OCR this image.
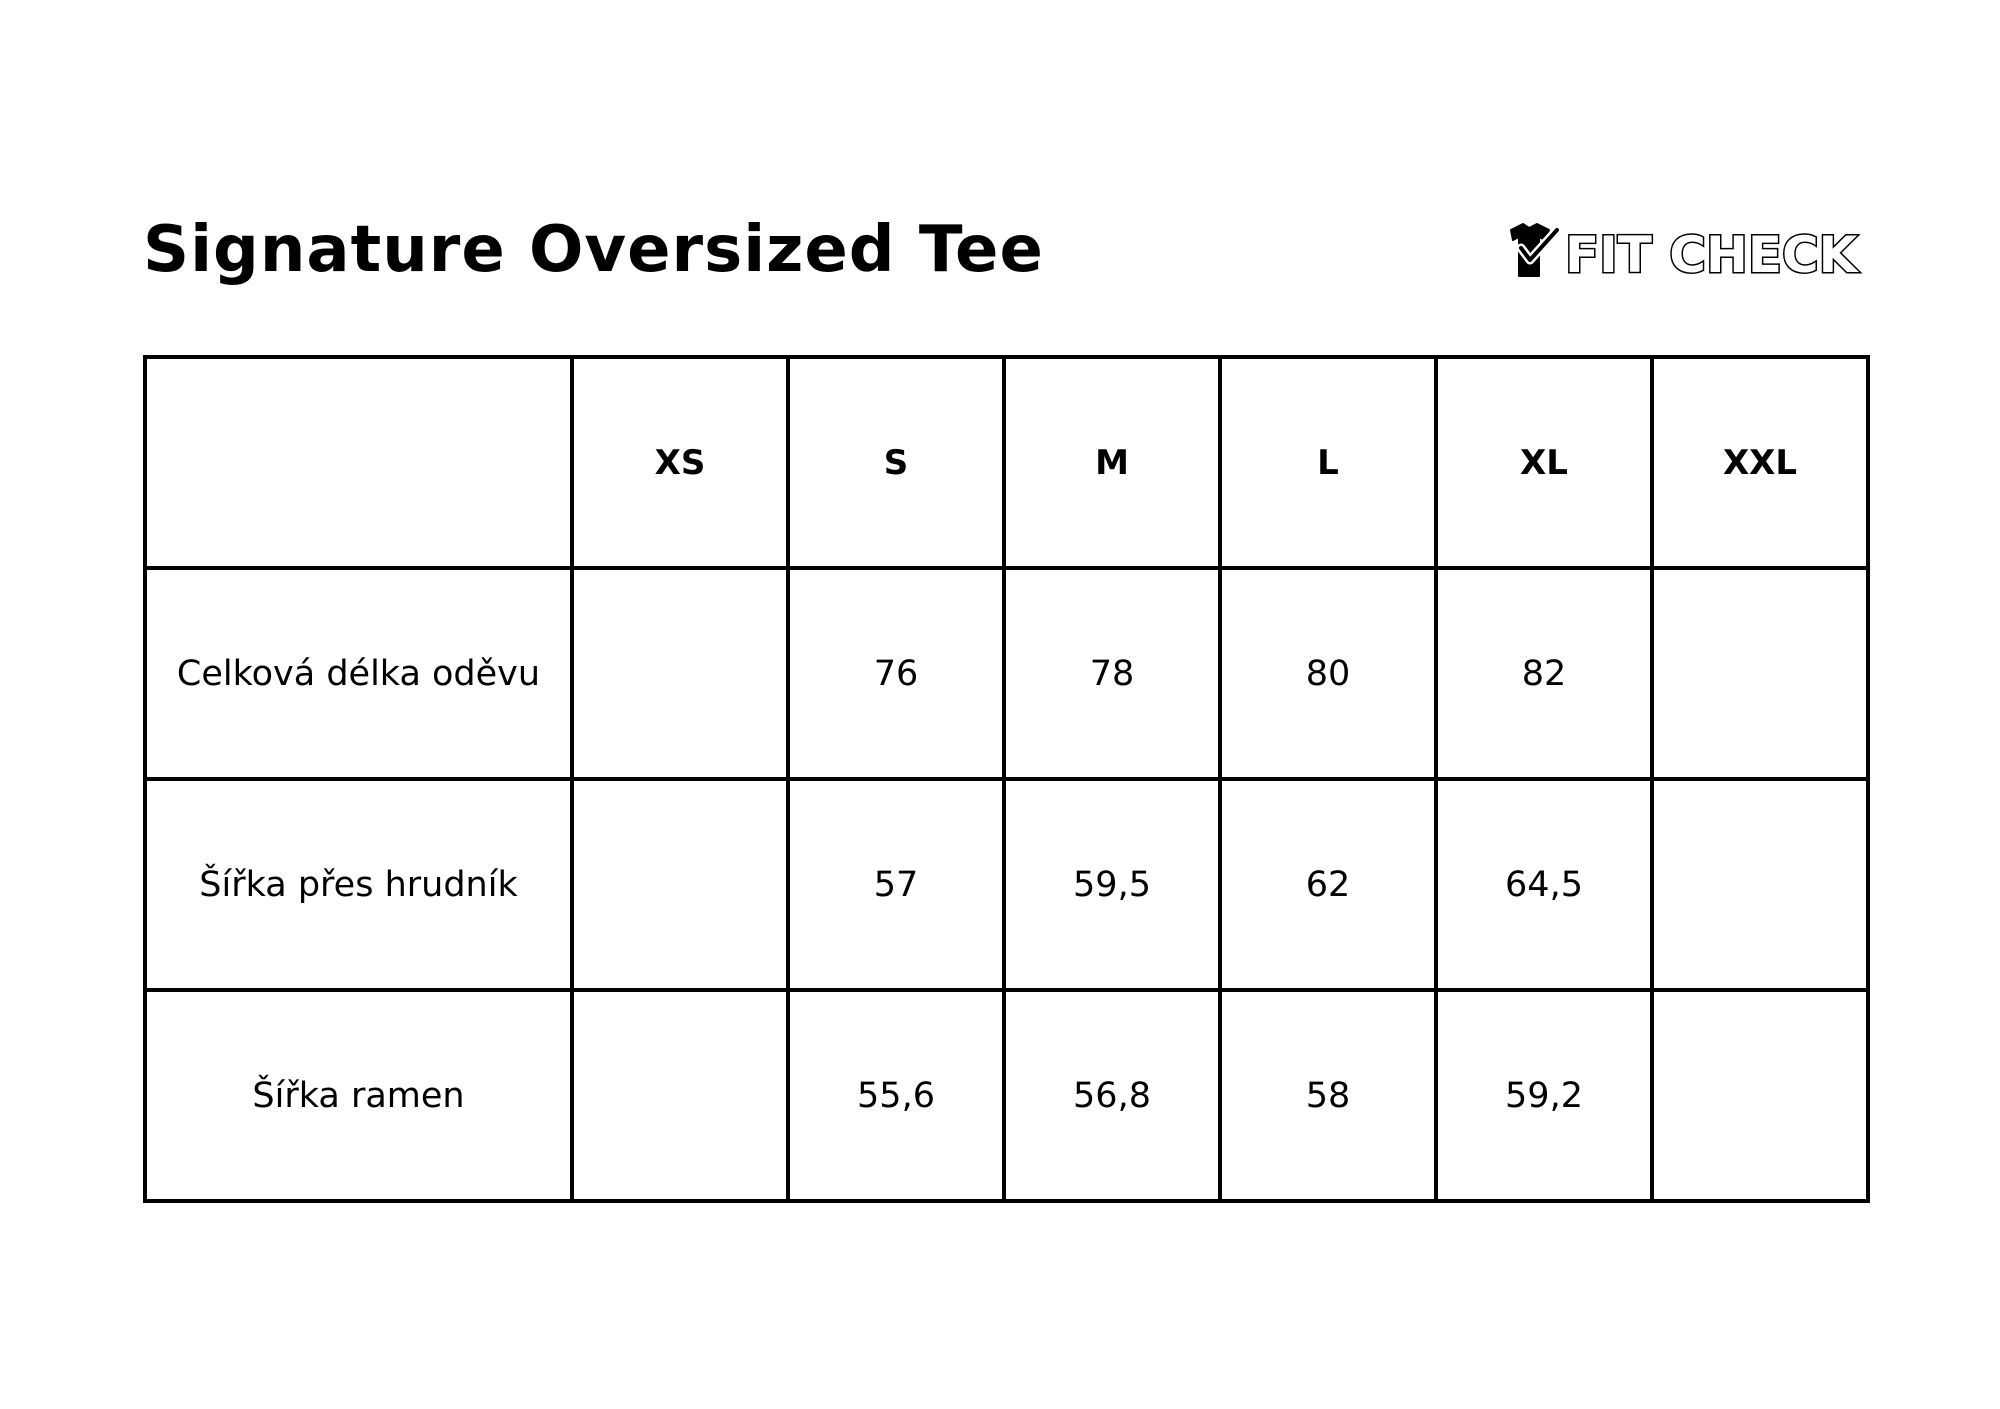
Signature Oversized Tee	FIT CHECK
	XS	S	M	L	XL	XXL
Celková délka oděvu		76	78	80	82	
Šířka přes hrudník		57	59,5	62	64,5	
Šířka ramen		55,6	56,8	58	59,2	
